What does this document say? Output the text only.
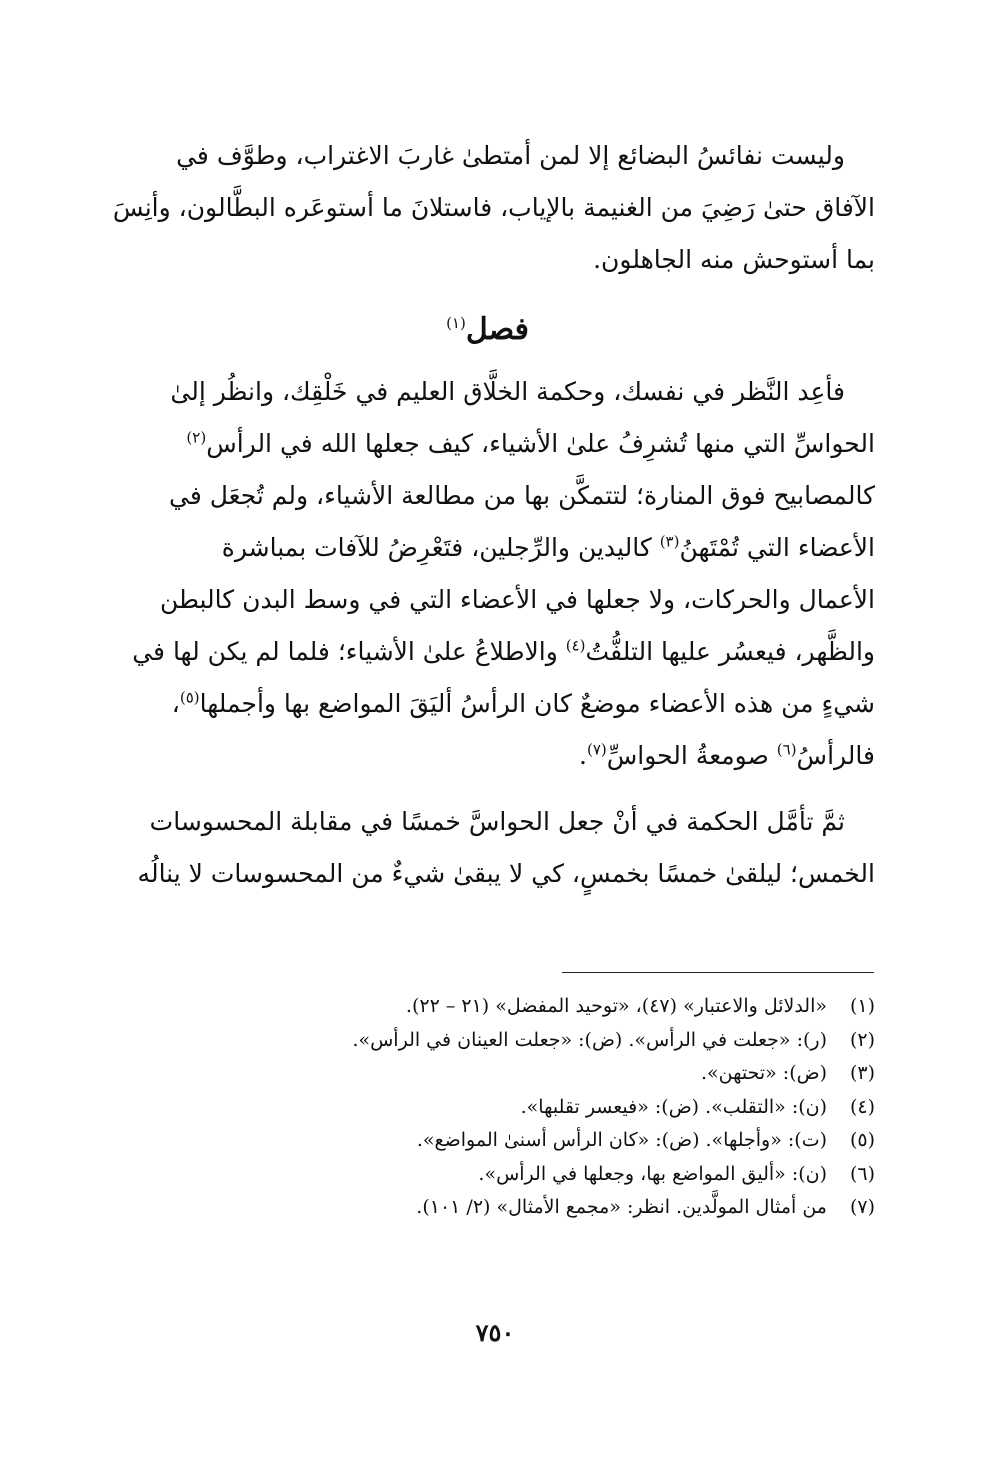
وليست نفائسُ البضائع إلا لمن أمتطىٰ غاربَ الاغتراب، وطوَّف في
الآفاق حتىٰ رَضِيَ من الغنيمة بالإياب، فاستلانَ ما أستوعَره البطَّالون، وأنِسَ
بما أستوحش منه الجاهلون.

فصل$^{(١)}$

فأعِد النَّظر في نفسك، وحكمة الخلَّاق العليم في خَلْقِك، وانظُر إلىٰ
الحواسِّ التي منها تُشرِفُ علىٰ الأشياء، كيف جعلها الله في الرأس$^{(٢)}$
كالمصابيح فوق المنارة؛ لتتمكَّن بها من مطالعة الأشياء، ولم تُجعَل في
الأعضاء التي تُمْتَهنُ$^{(٣)}$ كاليدين والرِّجلين، فتَعْرِضُ للآفات بمباشرة
الأعمال والحركات، ولا جعلها في الأعضاء التي في وسط البدن كالبطن
والظَّهر، فيعسُر عليها التلفُّتُ$^{(٤)}$ والاطلاعُ علىٰ الأشياء؛ فلما لم يكن لها في
شيءٍ من هذه الأعضاء موضعٌ كان الرأسُ أليَقَ المواضع بها وأجملها$^{(٥)}$،
فالرأسُ$^{(٦)}$ صومعةُ الحواسِّ$^{(٧)}$.

ثمَّ تأمَّل الحكمة في أنْ جعل الحواسَّ خمسًا في مقابلة المحسوسات
الخمس؛ ليلقىٰ خمسًا بخمسٍ، كي لا يبقىٰ شيءٌ من المحسوسات لا ينالُه

(١)«الدلائل والاعتبار» (٤٧)، «توحيد المفضل» (٢١ – ٢٢).
(٢)(ر): «جعلت في الرأس». (ض): «جعلت العينان في الرأس».
(٣)(ض): «تحتهن».
(٤)(ن): «التقلب». (ض): «فيعسر تقلبها».
(٥)(ت): «وأجلها». (ض): «كان الرأس أسنىٰ المواضع».
(٦)(ن): «أليق المواضع بها، وجعلها في الرأس».
(٧)من أمثال المولَّدين. انظر: «مجمع الأمثال» (٢/ ١٠١).
٧٥٠
